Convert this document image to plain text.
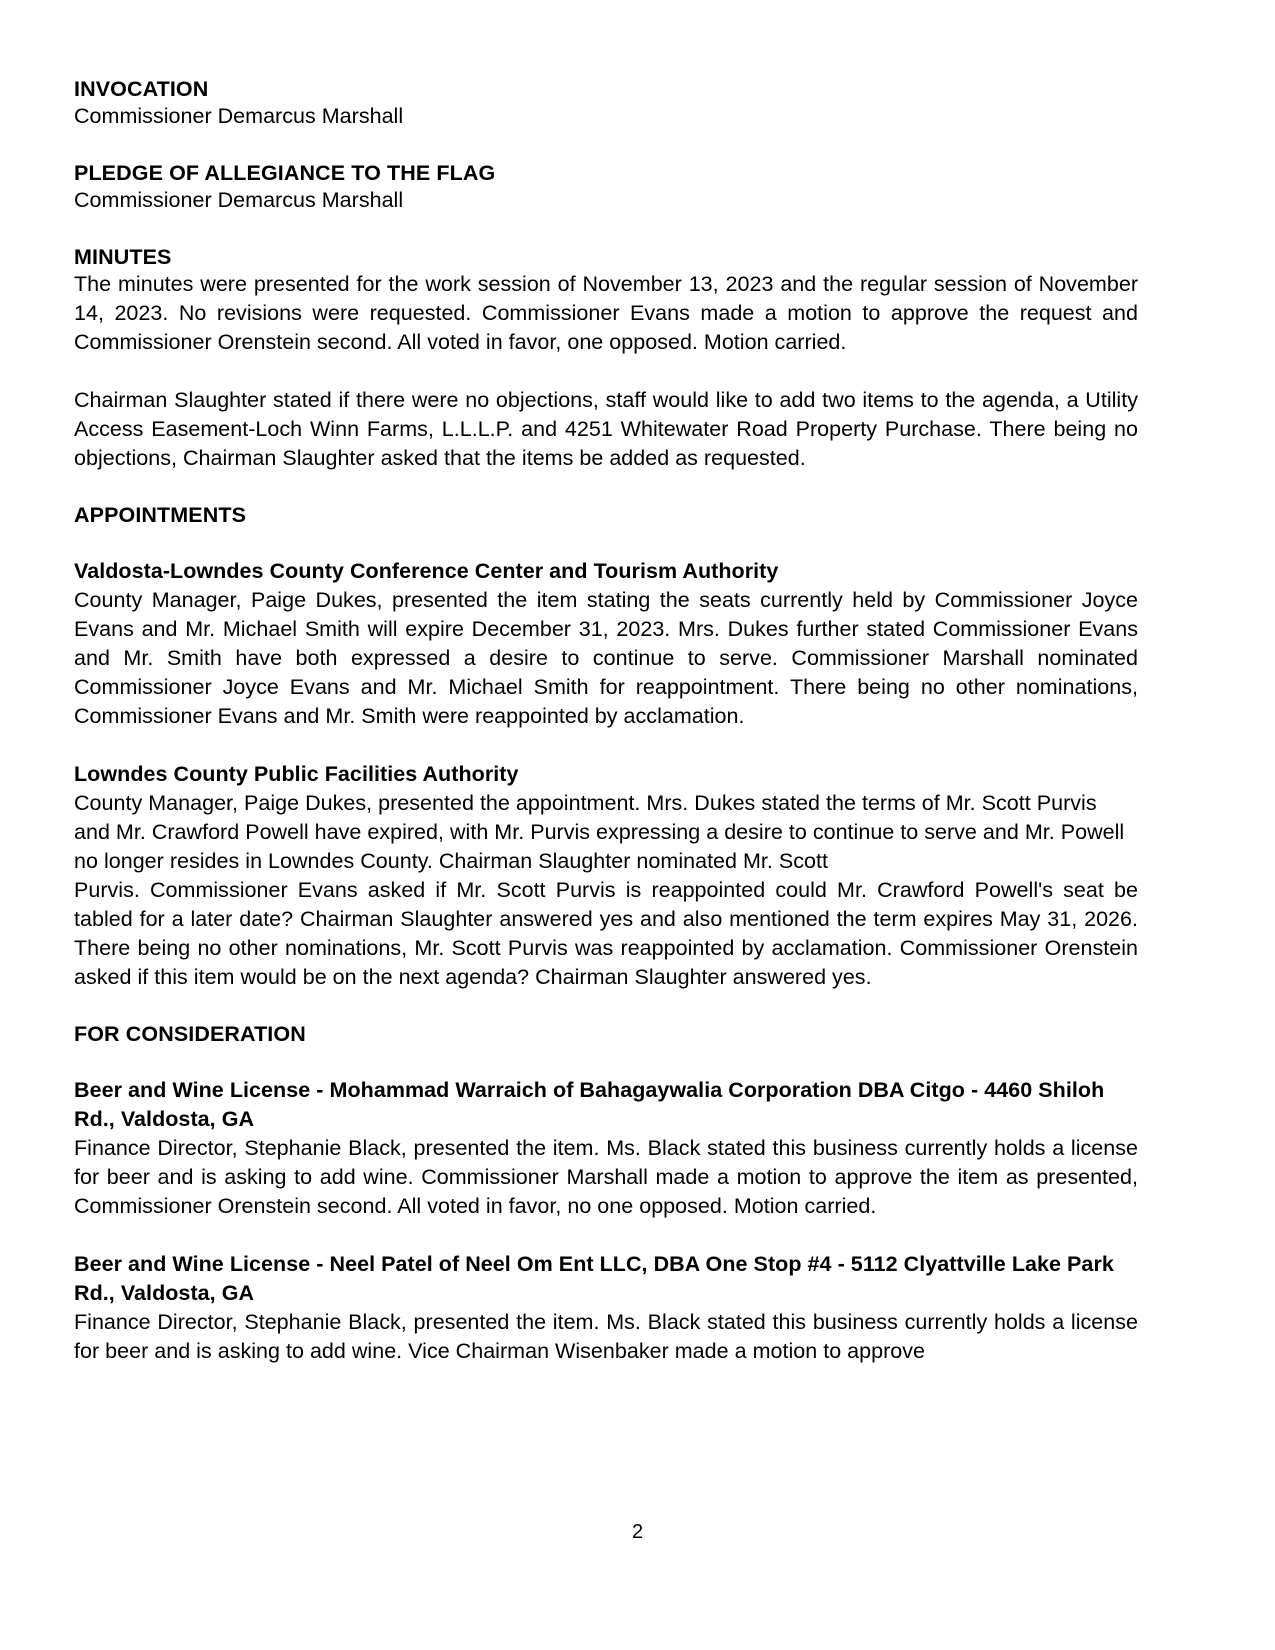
INVOCATION

Commissioner Demarcus Marshall

PLEDGE OF ALLEGIANCE TO THE FLAG

Commissioner Demarcus Marshall

MINUTES

The minutes were presented for the work session of November 13, 2023 and the regular session of November 14, 2023. No revisions were requested. Commissioner Evans made a motion to approve the request and Commissioner Orenstein second. All voted in favor, one opposed. Motion carried.

Chairman Slaughter stated if there were no objections, staff would like to add two items to the agenda, a Utility Access Easement-Loch Winn Farms, L.L.L.P. and 4251 Whitewater Road Property Purchase. There being no objections, Chairman Slaughter asked that the items be added as requested.

APPOINTMENTS
Valdosta-Lowndes County Conference Center and Tourism Authority

County Manager, Paige Dukes, presented the item stating the seats currently held by Commissioner Joyce Evans and Mr. Michael Smith will expire December 31, 2023. Mrs. Dukes further stated Commissioner Evans and Mr. Smith have both expressed a desire to continue to serve. Commissioner Marshall nominated Commissioner Joyce Evans and Mr. Michael Smith for reappointment. There being no other nominations, Commissioner Evans and Mr. Smith were reappointed by acclamation.

Lowndes County Public Facilities Authority

County Manager, Paige Dukes, presented the appointment. Mrs. Dukes stated the terms of Mr. Scott Purvis and Mr. Crawford Powell have expired, with Mr. Purvis expressing a desire to continue to serve and Mr. Powell no longer resides in Lowndes County. Chairman Slaughter nominated Mr. Scott

Purvis. Commissioner Evans asked if Mr. Scott Purvis is reappointed could Mr. Crawford Powell's seat be tabled for a later date? Chairman Slaughter answered yes and also mentioned the term expires May 31, 2026. There being no other nominations, Mr. Scott Purvis was reappointed by acclamation. Commissioner Orenstein asked if this item would be on the next agenda? Chairman Slaughter answered yes.

FOR CONSIDERATION
Beer and Wine License - Mohammad Warraich of Bahagaywalia Corporation DBA Citgo - 4460 Shiloh Rd., Valdosta, GA

Finance Director, Stephanie Black, presented the item. Ms. Black stated this business currently holds a license for beer and is asking to add wine. Commissioner Marshall made a motion to approve the item as presented, Commissioner Orenstein second. All voted in favor, no one opposed. Motion carried.

Beer and Wine License - Neel Patel of Neel Om Ent LLC, DBA One Stop #4 - 5112 Clyattville Lake Park Rd., Valdosta, GA

Finance Director, Stephanie Black, presented the item. Ms. Black stated this business currently holds a license for beer and is asking to add wine. Vice Chairman Wisenbaker made a motion to approve

2
